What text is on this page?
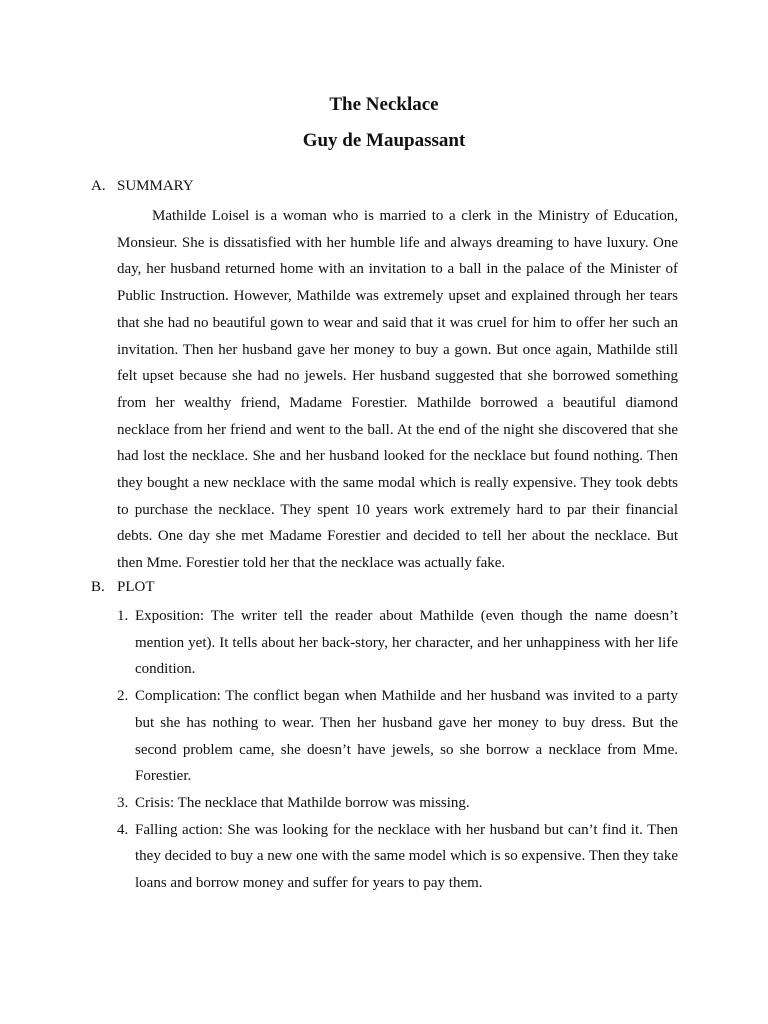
The Necklace
Guy de Maupassant
A. SUMMARY

Mathilde Loisel is a woman who is married to a clerk in the Ministry of Education, Monsieur. She is dissatisfied with her humble life and always dreaming to have luxury. One day, her husband returned home with an invitation to a ball in the palace of the Minister of Public Instruction. However, Mathilde was extremely upset and explained through her tears that she had no beautiful gown to wear and said that it was cruel for him to offer her such an invitation. Then her husband gave her money to buy a gown. But once again, Mathilde still felt upset because she had no jewels. Her husband suggested that she borrowed something from her wealthy friend, Madame Forestier. Mathilde borrowed a beautiful diamond necklace from her friend and went to the ball. At the end of the night she discovered that she had lost the necklace. She and her husband looked for the necklace but found nothing. Then they bought a new necklace with the same modal which is really expensive. They took debts to purchase the necklace. They spent 10 years work extremely hard to par their financial debts. One day she met Madame Forestier and decided to tell her about the necklace. But then Mme. Forestier told her that the necklace was actually fake.

B. PLOT
1. Exposition: The writer tell the reader about Mathilde (even though the name doesn’t mention yet). It tells about her back-story, her character, and her unhappiness with her life condition.
2. Complication: The conflict began when Mathilde and her husband was invited to a party but she has nothing to wear. Then her husband gave her money to buy dress. But the second problem came, she doesn’t have jewels, so she borrow a necklace from Mme. Forestier.
3. Crisis: The necklace that Mathilde borrow was missing.
4. Falling action: She was looking for the necklace with her husband but can’t find it. Then they decided to buy a new one with the same model which is so expensive. Then they take loans and borrow money and suffer for years to pay them.
